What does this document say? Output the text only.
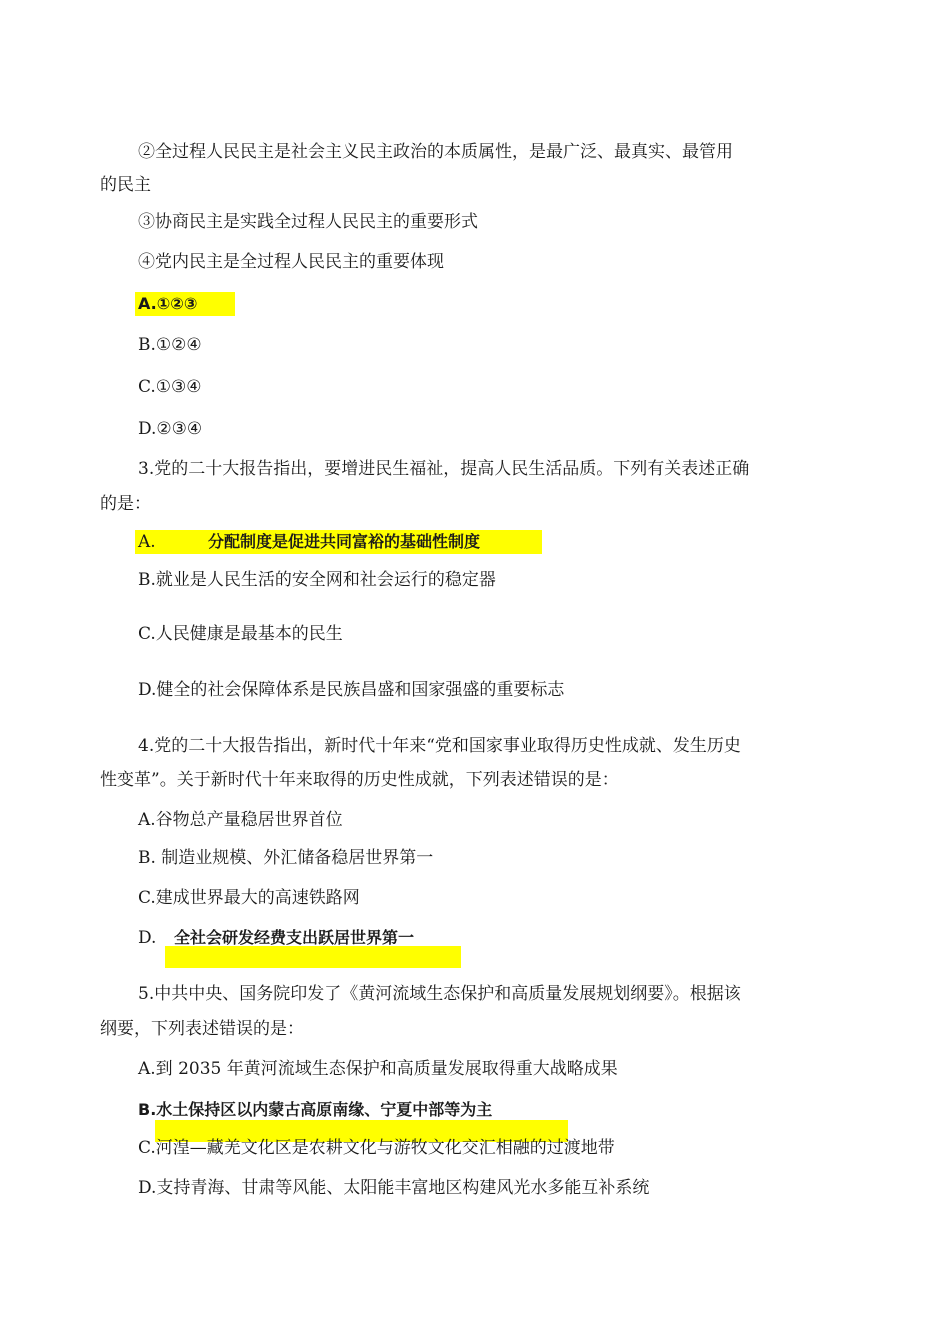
②全过程人民民主是社会主义民主政治的本质属性，是最广泛、最真实、最管用

的民主

③协商民主是实践全过程人民民主的重要形式

④党内民主是全过程人民民主的重要体现

A.①②③

B.①②④

C.①③④

D.②③④

3.党的二十大报告指出，要增进民生福祉，提高人民生活品质。下列有关表述正确

的是：

A.	分配制度是促进共同富裕的基础性制度

B.就业是人民生活的安全网和社会运行的稳定器

C.人民健康是最基本的民生

D.健全的社会保障体系是民族昌盛和国家强盛的重要标志

4.党的二十大报告指出，新时代十年来“党和国家事业取得历史性成就、发生历史

性变革”。关于新时代十年来取得的历史性成就，下列表述错误的是：

A.谷物总产量稳居世界首位

B. 制造业规模、外汇储备稳居世界第一

C.建成世界最大的高速铁路网

D. 全社会研发经费支出跃居世界第一

5.中共中央、国务院印发了《黄河流域生态保护和高质量发展规划纲要》。根据该

纲要，下列表述错误的是：

A.到 2035 年黄河流域生态保护和高质量发展取得重大战略成果

B.水土保持区以内蒙古高原南缘、宁夏中部等为主

C.河湟—藏羌文化区是农耕文化与游牧文化交汇相融的过渡地带

D.支持青海、甘肃等风能、太阳能丰富地区构建风光水多能互补系统
